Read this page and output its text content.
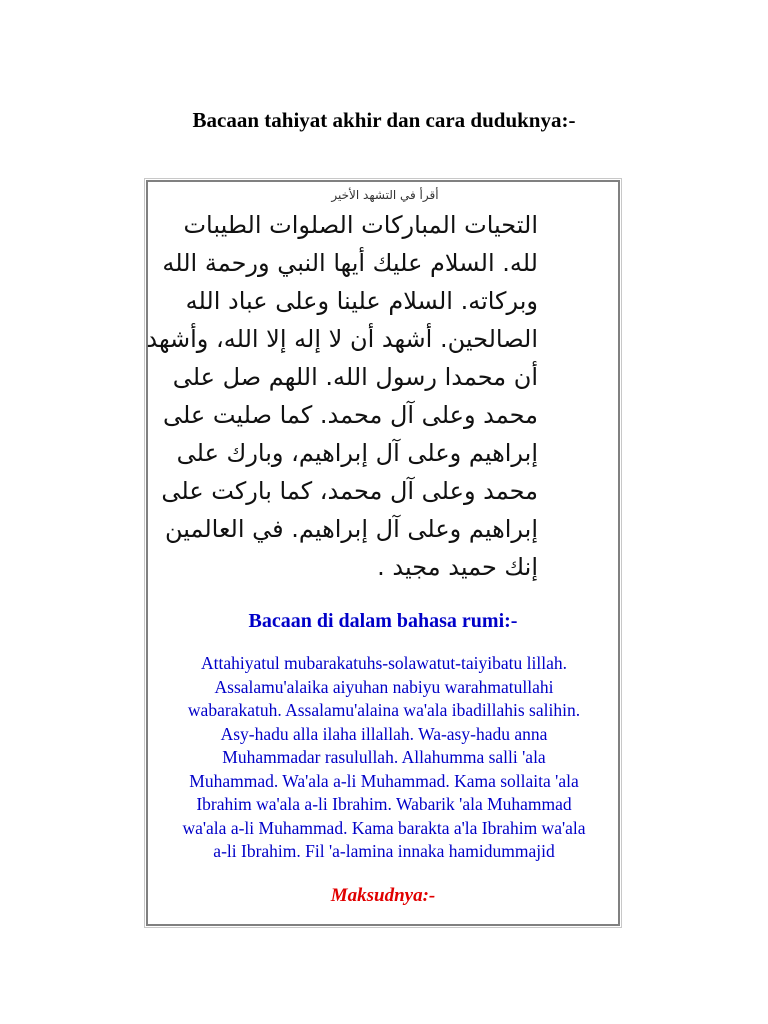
Bacaan tahiyat akhir dan cara duduknya:-
أقرأ في التشهد الأخير
التحيات المباركات الصلوات الطيبات
لله. السلام عليك أيها النبي ورحمة الله
وبركاته. السلام علينا وعلى عباد الله
الصالحين. أشهد أن لا إله إلا الله، وأشهد
أن محمدا رسول الله. اللهم صل على
محمد وعلى آل محمد. كما صليت على
إبراهيم وعلى آل إبراهيم، وبارك على
محمد وعلى آل محمد، كما باركت على
إبراهيم وعلى آل إبراهيم. في العالمين
إنك حميد مجيد .
Bacaan di dalam bahasa rumi:-
Attahiyatul mubarakatuhs-solawatut-taiyibatu lillah.
Assalamu'alaika aiyuhan nabiyu warahmatullahi
wabarakatuh. Assalamu'alaina wa'ala ibadillahis salihin.
Asy-hadu alla ilaha illallah. Wa-asy-hadu anna
Muhammadar rasulullah. Allahumma salli 'ala
Muhammad. Wa'ala a-li Muhammad. Kama sollaita 'ala
Ibrahim wa'ala a-li Ibrahim. Wabarik 'ala Muhammad
wa'ala a-li Muhammad. Kama barakta a'la Ibrahim wa'ala
a-li Ibrahim. Fil 'a-lamina innaka hamidummajid
Maksudnya:-
